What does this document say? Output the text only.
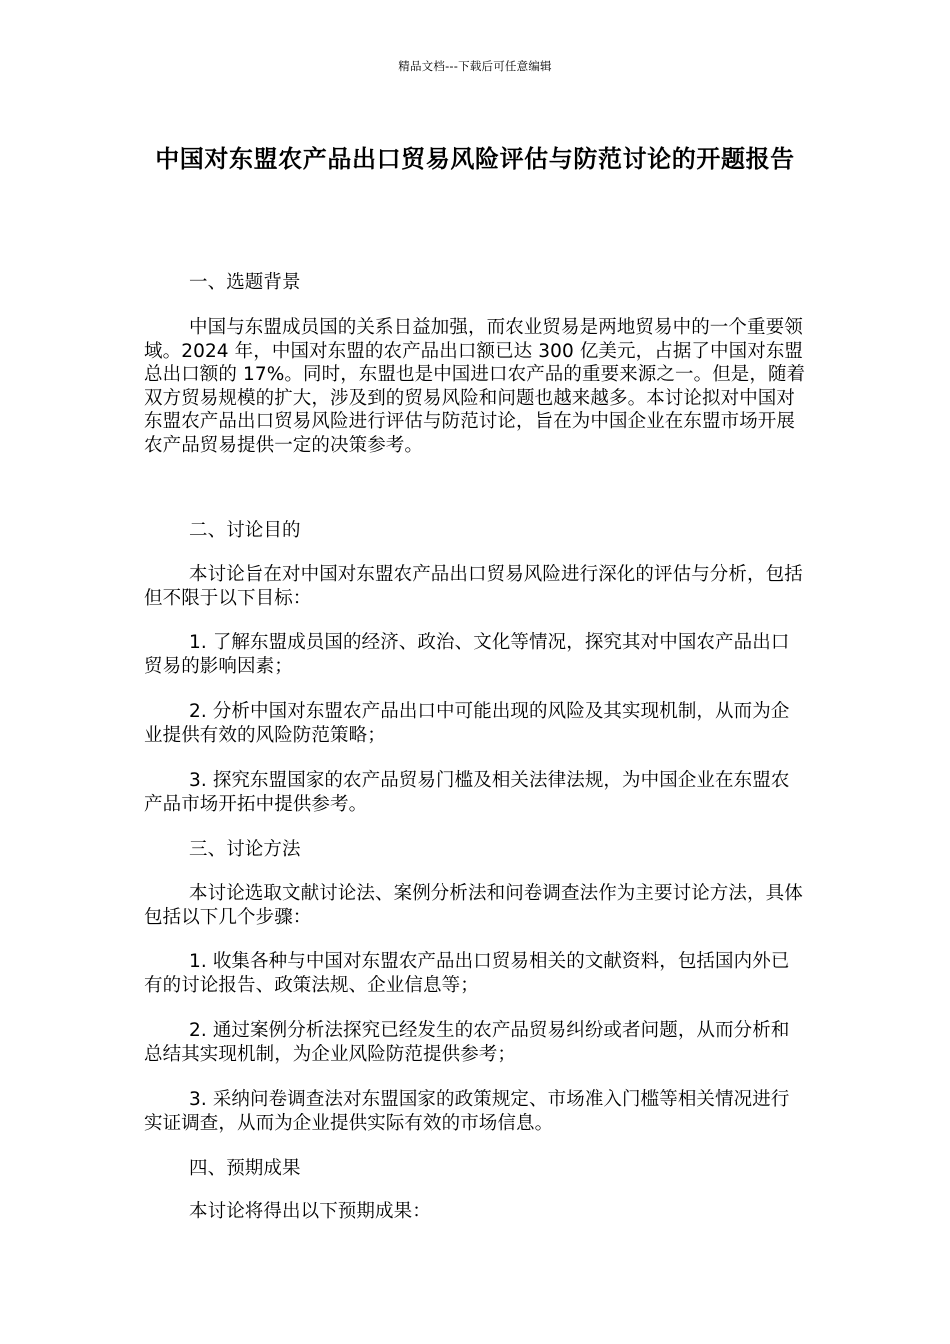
精品文档---下载后可任意编辑
中国对东盟农产品出口贸易风险评估与防范讨论的开题报告

一、选题背景

中国与东盟成员国的关系日益加强，而农业贸易是两地贸易中的一个重要领域。2024 年，中国对东盟的农产品出口额已达 300 亿美元，占据了中国对东盟总出口额的 17%。同时，东盟也是中国进口农产品的重要来源之一。但是，随着双方贸易规模的扩大，涉及到的贸易风险和问题也越来越多。本讨论拟对中国对东盟农产品出口贸易风险进行评估与防范讨论，旨在为中国企业在东盟市场开展农产品贸易提供一定的决策参考。

二、讨论目的

本讨论旨在对中国对东盟农产品出口贸易风险进行深化的评估与分析，包括但不限于以下目标：

1. 了解东盟成员国的经济、政治、文化等情况，探究其对中国农产品出口贸易的影响因素；

2. 分析中国对东盟农产品出口中可能出现的风险及其实现机制，从而为企业提供有效的风险防范策略；

3. 探究东盟国家的农产品贸易门槛及相关法律法规，为中国企业在东盟农产品市场开拓中提供参考。

三、讨论方法

本讨论选取文献讨论法、案例分析法和问卷调查法作为主要讨论方法，具体包括以下几个步骤：

1. 收集各种与中国对东盟农产品出口贸易相关的文献资料，包括国内外已有的讨论报告、政策法规、企业信息等；

2. 通过案例分析法探究已经发生的农产品贸易纠纷或者问题，从而分析和总结其实现机制，为企业风险防范提供参考；

3. 采纳问卷调查法对东盟国家的政策规定、市场准入门槛等相关情况进行实证调查，从而为企业提供实际有效的市场信息。

四、预期成果

本讨论将得出以下预期成果：
